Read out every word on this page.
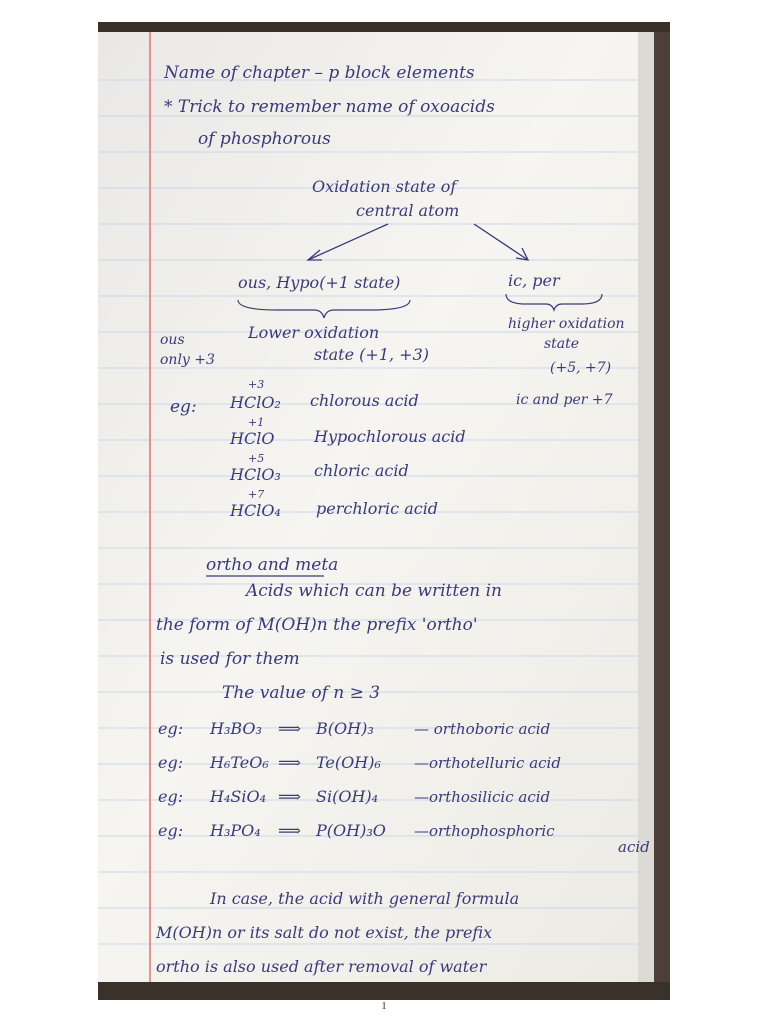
Name of chapter – p block elements
* Trick to remember name of oxoacids
of phosphorous
Oxidation state of
central atom
ous, Hypo(+1 state)	ic, per
Lower oxidation
state (+1, +3)
ous
only +3
higher oxidation
state
(+5, +7)
ic and per +7
eg:
+3
HClO₂ chlorous acid
+1
HClO Hypochlorous acid
+5
HClO₃ chloric acid
+7
HClO₄ perchloric acid
ortho and meta
Acids which can be written in
the form of M(OH)n the prefix 'ortho'
is used for them
The value of n ≥ 3
eg: H₃BO₃ ⟹ B(OH)₃	— orthoboric acid
eg: H₆TeO₆ ⟹ Te(OH)₆ —orthotelluric acid
eg: H₄SiO₄ ⟹ Si(OH)₄ —orthosilicic acid
eg: H₃PO₄ ⟹ P(OH)₃O —orthophosphoric
acid
In case, the acid with general formula
M(OH)n or its salt do not exist, the prefix
ortho is also used after removal of water
1
